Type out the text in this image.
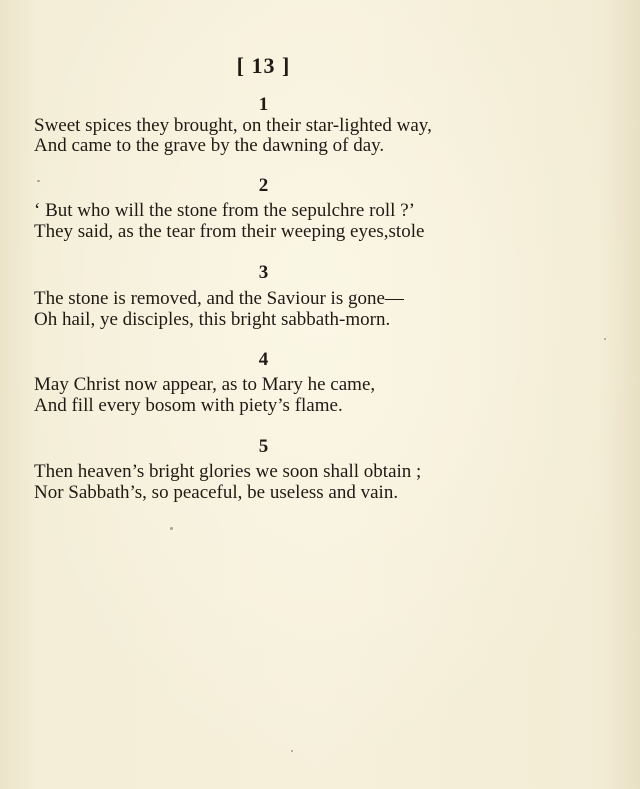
[ 13 ]
1
Sweet spices they brought, on their star-lighted way,
And came to the grave by the dawning of day.
2
‘ But who will the stone from the sepulchre roll ?’
They said, as the tear from their weeping eyes,stole
3
The stone is removed, and the Saviour is gone—
Oh hail, ye disciples, this bright sabbath-morn.
4
May Christ now appear, as to Mary he came,
And fill every bosom with piety’s flame.
5
Then heaven’s bright glories we soon shall obtain ;
Nor Sabbath’s, so peaceful, be useless and vain.
